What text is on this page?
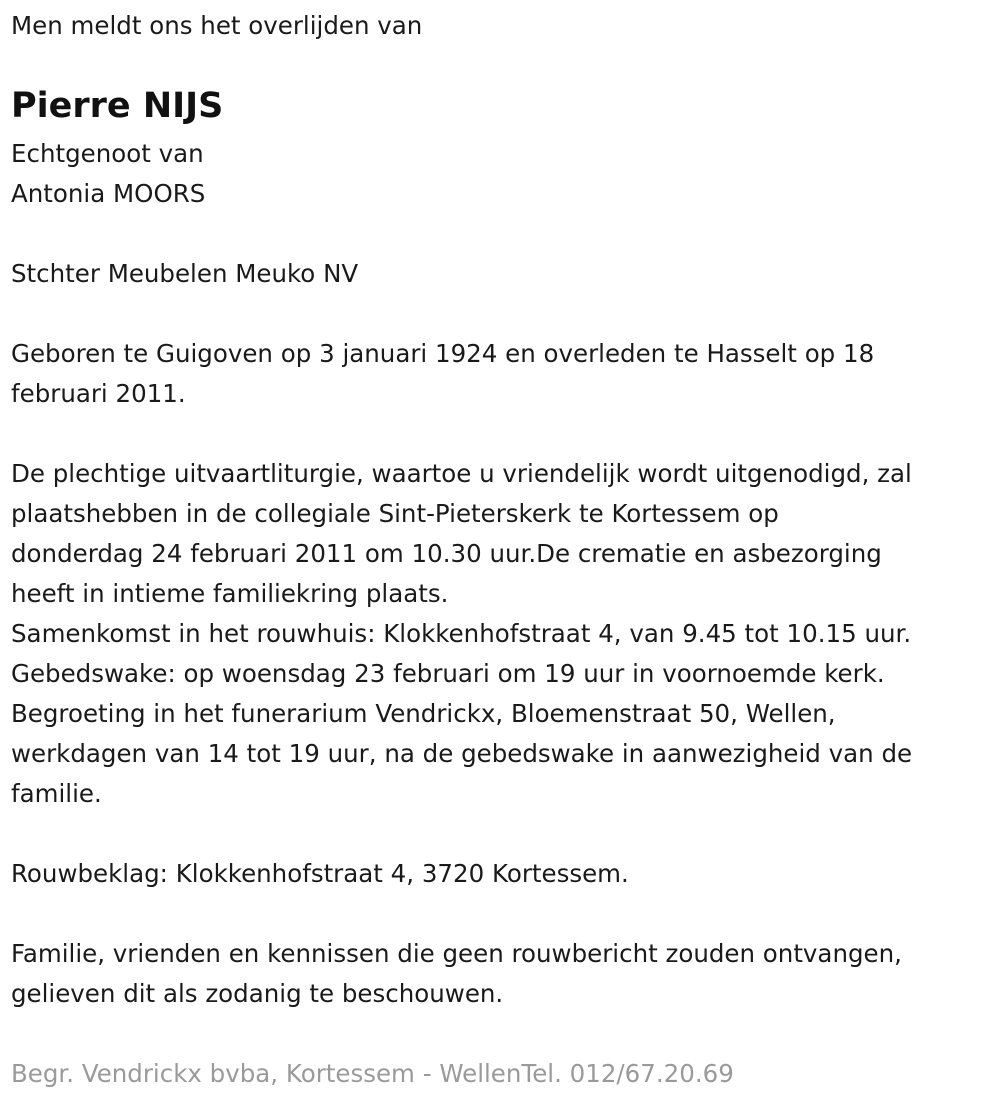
Men meldt ons het overlijden van

Pierre NIJS

Echtgenoot van

Antonia MOORS

Stchter Meubelen Meuko NV

Geboren te Guigoven op 3 januari 1924 en overleden te Hasselt op 18

februari 2011.

De plechtige uitvaartliturgie, waartoe u vriendelijk wordt uitgenodigd, zal

plaatshebben in de collegiale Sint-Pieterskerk te Kortessem op

donderdag 24 februari 2011 om 10.30 uur.De crematie en asbezorging

heeft in intieme familiekring plaats.

Samenkomst in het rouwhuis: Klokkenhofstraat 4, van 9.45 tot 10.15 uur.

Gebedswake: op woensdag 23 februari om 19 uur in voornoemde kerk.

Begroeting in het funerarium Vendrickx, Bloemenstraat 50, Wellen,

werkdagen van 14 tot 19 uur, na de gebedswake in aanwezigheid van de

familie.

Rouwbeklag: Klokkenhofstraat 4, 3720 Kortessem.

Familie, vrienden en kennissen die geen rouwbericht zouden ontvangen,

gelieven dit als zodanig te beschouwen.

Begr. Vendrickx bvba, Kortessem - WellenTel. 012/67.20.69
